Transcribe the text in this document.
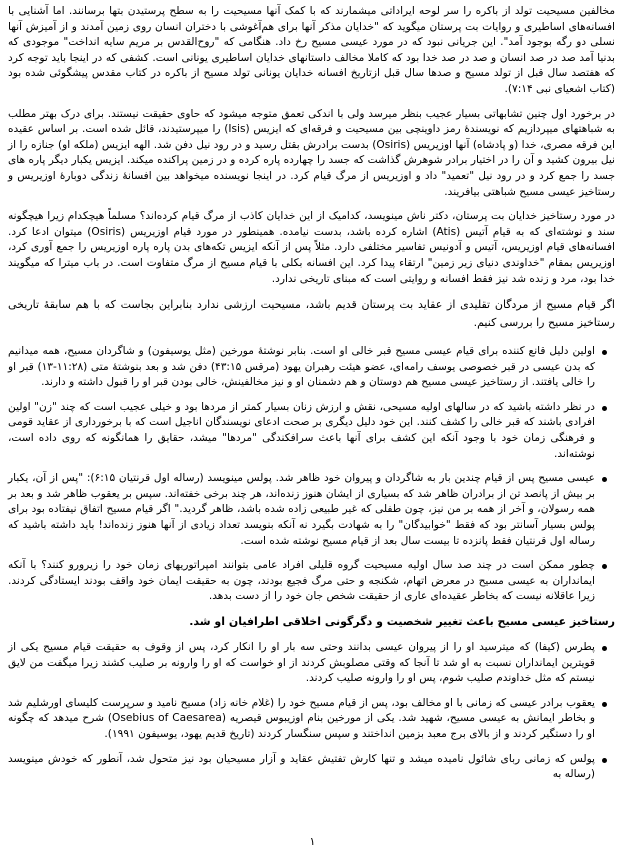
مخالفین مسیحیت تولد از باکره را سر لوحه ایراداتی میشمارند که با کمک آنها مسیحیت را به سطح پرستیدن بتها برسانند. اما آشنایی با افسانه‌های اساطیری و روایات بت پرستان میگوید که "خدایان مذکر آنها برای هم‌آغوشی با دختران انسان روی زمین آمدند و از آمیزش آنها نسلی دو رگه بوجود آمد". این جریانی نبود که در مورد عیسی مسیح رخ داد. هنگامی که "روح‌القدس بر مریم سایه انداخت" موجودی که بدنیا آمد صد در صد انسان و صد در صد خدا بود که کاملا مخالف داستانهای خدایان اساطیری یونانی است. کشفی که در اینجا باید توجه کرد که هفتصد سال قبل از تولد مسیح و صدها سال قبل ازتاریخ افسانه خدایان یونانی تولد مسیح از باکره در کتاب مقدس پیشگوئی شده بود (کتاب اشعیای نبی ۷:۱۴).

در برخورد اول چنین تشابهاتی بسیار عجیب بنظر میرسد ولی با اندکی تعمق متوجه میشود که حاوی حقیقت نیستند. برای درک بهتر مطلب به شباهتهای میپردازیم که نویسندهٔ رمز داوینچی بین مسیحیت و فرقه‌ای که ایزیس (Isis) را میپرستیدند، قائل شده است. بر اساس عقیده این فرقه مصری، خدا (و پادشاه) آنها اوزیریس (Osiris) بدست برادرش بقتل رسید و در رود نیل دفن شد. الهه ایزیس (ملکه او) جنازه را از نیل بیرون کشید و آن را در اختیار برادر شوهرش گذاشت که جسد را چهارده پاره کرده و در زمین پراکنده میکند. ایزیس یکبار دیگر پاره های جسد را جمع کرد و در رود نیل "تعمید" داد و اوزیریس از مرگ قیام کرد. در اینجا نویسنده میخواهد بین افسانهٔ زندگی دوبارهٔ اوزیریس و رستاخیز عیسی مسیح شباهتی بیافریند.

در مورد رستاخیز خدایان بت پرستان، دکتر ناش مینویسد، کدامیک از این خدایان کاذب از مرگ قیام کرده‌اند؟ مسلماً هیچکدام زیرا هیچگونه سند و نوشته‌ای که به قیام آتیس (Atis) اشاره کرده باشد، بدست نیامده. همینطور در مورد قیام اوزیریس (Osiris) میتوان ادعا کرد. افسانه‌های قیام اوزیریس، آتیس و آدونیس تفاسیر مختلفی دارد. مثلاً پس از آنکه ایزیس تکه‌های بدن پاره پاره اوزیریس را جمع آوری کرد، اوزیریس بمقام "خداوندی دنیای زیر زمین" ارتقاء پیدا کرد. این افسانه بکلی با قیام مسیح از مرگ متفاوت است. در باب میترا که میگویند خدا بود، مرد و زنده شد نیز فقط افسانه و روایتی است که مبنای تاریخی ندارد.

اگر قیام مسیح از مردگان تقلیدی از عقاید بت پرستان قدیم باشد، مسیحیت ارزشی ندارد بنابراین بجاست که با هم سابقهٔ تاریخی رستاخیز مسیح را بررسی کنیم.

اولین دلیل قانع کننده برای قیام عیسی مسیح قبر خالی او است. بنابر نوشتهٔ مورخین (مثل یوسیفون) و شاگردان مسیح، همه میدانیم که بدن عیسی در قبر خصوصی یوسف رامه‌ای، عضو هیئت رهبران یهود (مرقس ۴۳:۱۵) دفن شد و بعد بنوشتهٔ متی (۱۱:۲۸-۱۳) قبر او را خالی یافتند. از رستاخیز عیسی مسیح هم دوستان و هم دشمنان او و نیز مخالفینش، خالی بودن قبر او را قبول داشته و دارند.
در نظر داشته باشید که در سالهای اولیه مسیحی، نقش و ارزش زنان بسیار کمتر از مردها بود و خیلی عجیب است که چند "زن" اولین افرادی باشند که قبر خالی را کشف کنند. این خود دلیل دیگری بر صحت ادعای نویسندگان اناجیل است که با برخورداری از عقاید قومی و فرهنگی زمان خود با وجود آنکه این کشف برای آنها باعث سرافکندگی "مردها" میشد، حقایق را همانگونه که روی داده است، نوشته‌اند.
عیسی مسیح پس از قیام چندین بار به شاگردان و پیروان خود ظاهر شد. پولس مینویسد (رساله اول قرنتیان ۶:۱۵): "پس از آن، یکبار بر بیش از پانصد تن از برادران ظاهر شد که بسیاری از ایشان هنوز زنده‌اند، هر چند برخی خفته‌اند. سپس بر یعقوب ظاهر شد و بعد بر همه رسولان، و آخر از همه بر من نیز، چون طفلی که غیر طبیعی زاده شده باشد، ظاهر گردید." اگر قیام مسیح اتفاق نیفتاده بود برای پولس بسیار آسانتر بود که فقط "خوابیدگان" را به شهادت بگیرد نه آنکه بنویسد تعداد زیادی از آنها هنوز زنده‌اند! باید داشته باشید که رساله اول قرنتیان فقط پانزده تا بیست سال بعد از قیام مسیح نوشته شده است.
چطور ممکن است در چند صد سال اولیه مسیحیت گروه قلیلی افراد عامی بتوانند امپراتوریهای زمان خود را زیرورو کنند؟ با آنکه ایمانداران به عیسی مسیح در معرض اتهام، شکنجه و حتی مرگ فجیع بودند، چون به حقیقت ایمان خود واقف بودند ایستادگی کردند. زیرا عاقلانه نیست که بخاطر عقیده‌ای عاری از حقیقت شخص جان خود را از دست بدهد.
رستاخیز عیسی مسیح باعث تغییر شخصیت و دگرگونی اخلاقی اطرافیان او شد.
پطرس (کیفا) که میترسید او را از پیروان عیسی بدانند وحتی سه بار او را انکار کرد، پس از وقوف به حقیقت قیام مسیح یکی از قویترین ایمانداران نسبت به او شد تا آنجا که وقتی مصلوبش کردند از او خواست که او را وارونه بر صلیب کشند زیرا میگفت من لایق نیستم که مثل خداوندم صلیب شوم، پس او را وارونه صلیب کردند.
یعقوب برادر عیسی که زمانی با او مخالف بود، پس از قیام مسیح خود را (غلام خانه زاد) مسیح نامید و سرپرست کلیسای اورشلیم شد و بخاطر ایمانش به عیسی مسیح، شهید شد. یکی از مورخین بنام اوزیبوس قیصریه (Osebius of Caesarea) شرح میدهد که چگونه او را دستگیر کردند و از بالای برج معبد بزمین انداختند و سپس سنگسار کردند (تاریخ قدیم یهود، یوسیفون ۱۹۹۱).
پولس که زمانی ربای شائول نامیده میشد و تنها کارش تفتیش عقاید و آزار مسیحیان بود نیز متحول شد، آنطور که خودش مینویسد (رساله به
۱
